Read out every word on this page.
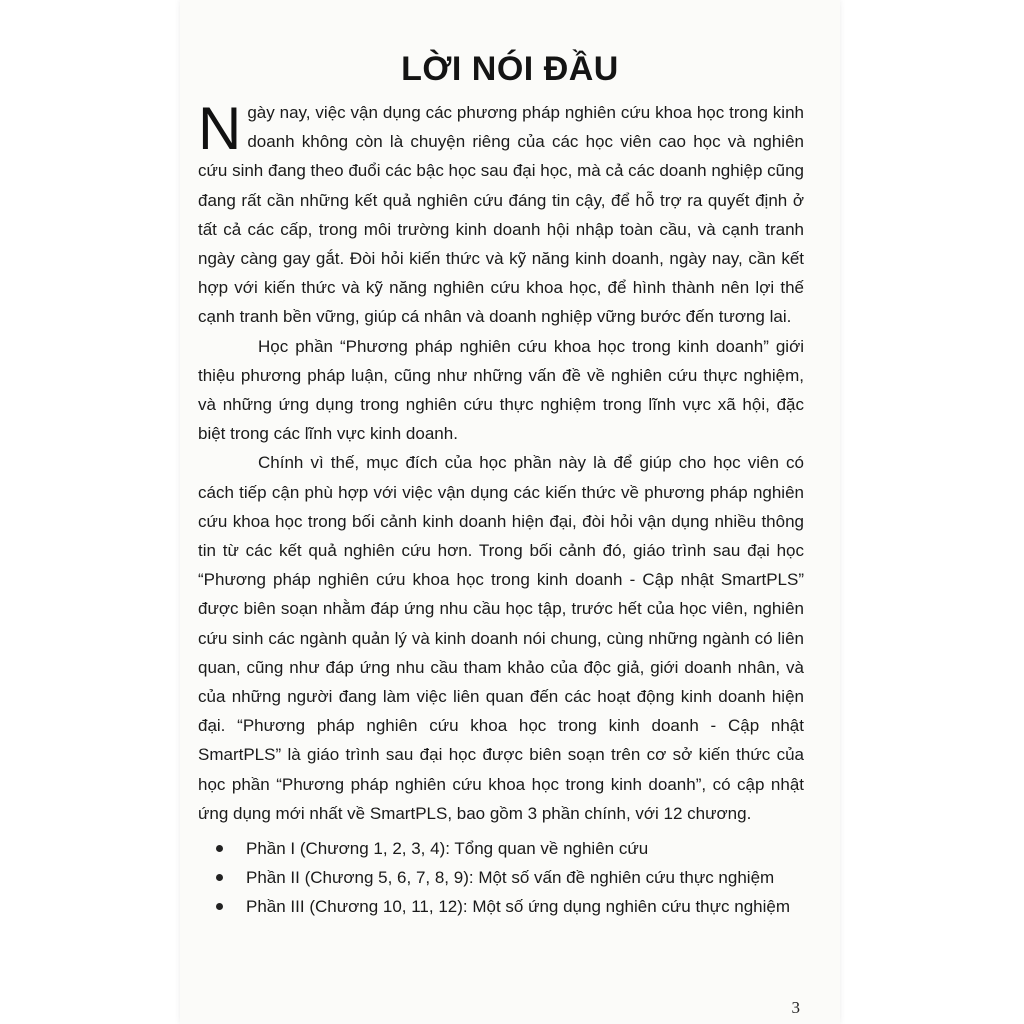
LỜI NÓI ĐẦU

Ngày nay, việc vận dụng các phương pháp nghiên cứu khoa học trong kinh doanh không còn là chuyện riêng của các học viên cao học và nghiên cứu sinh đang theo đuổi các bậc học sau đại học, mà cả các doanh nghiệp cũng đang rất cần những kết quả nghiên cứu đáng tin cậy, để hỗ trợ ra quyết định ở tất cả các cấp, trong môi trường kinh doanh hội nhập toàn cầu, và cạnh tranh ngày càng gay gắt. Đòi hỏi kiến thức và kỹ năng kinh doanh, ngày nay, cần kết hợp với kiến thức và kỹ năng nghiên cứu khoa học, để hình thành nên lợi thế cạnh tranh bền vững, giúp cá nhân và doanh nghiệp vững bước đến tương lai.

Học phần “Phương pháp nghiên cứu khoa học trong kinh doanh” giới thiệu phương pháp luận, cũng như những vấn đề về nghiên cứu thực nghiệm, và những ứng dụng trong nghiên cứu thực nghiệm trong lĩnh vực xã hội, đặc biệt trong các lĩnh vực kinh doanh.

Chính vì thế, mục đích của học phần này là để giúp cho học viên có cách tiếp cận phù hợp với việc vận dụng các kiến thức về phương pháp nghiên cứu khoa học trong bối cảnh kinh doanh hiện đại, đòi hỏi vận dụng nhiều thông tin từ các kết quả nghiên cứu hơn. Trong bối cảnh đó, giáo trình sau đại học “Phương pháp nghiên cứu khoa học trong kinh doanh - Cập nhật SmartPLS” được biên soạn nhằm đáp ứng nhu cầu học tập, trước hết của học viên, nghiên cứu sinh các ngành quản lý và kinh doanh nói chung, cùng những ngành có liên quan, cũng như đáp ứng nhu cầu tham khảo của độc giả, giới doanh nhân, và của những người đang làm việc liên quan đến các hoạt động kinh doanh hiện đại. “Phương pháp nghiên cứu khoa học trong kinh doanh - Cập nhật SmartPLS” là giáo trình sau đại học được biên soạn trên cơ sở kiến thức của học phần “Phương pháp nghiên cứu khoa học trong kinh doanh”, có cập nhật ứng dụng mới nhất về SmartPLS, bao gồm 3 phần chính, với 12 chương.

Phần I (Chương 1, 2, 3, 4): Tổng quan về nghiên cứu
Phần II (Chương 5, 6, 7, 8, 9): Một số vấn đề nghiên cứu thực nghiệm
Phần III (Chương 10, 11, 12): Một số ứng dụng nghiên cứu thực nghiệm
3
